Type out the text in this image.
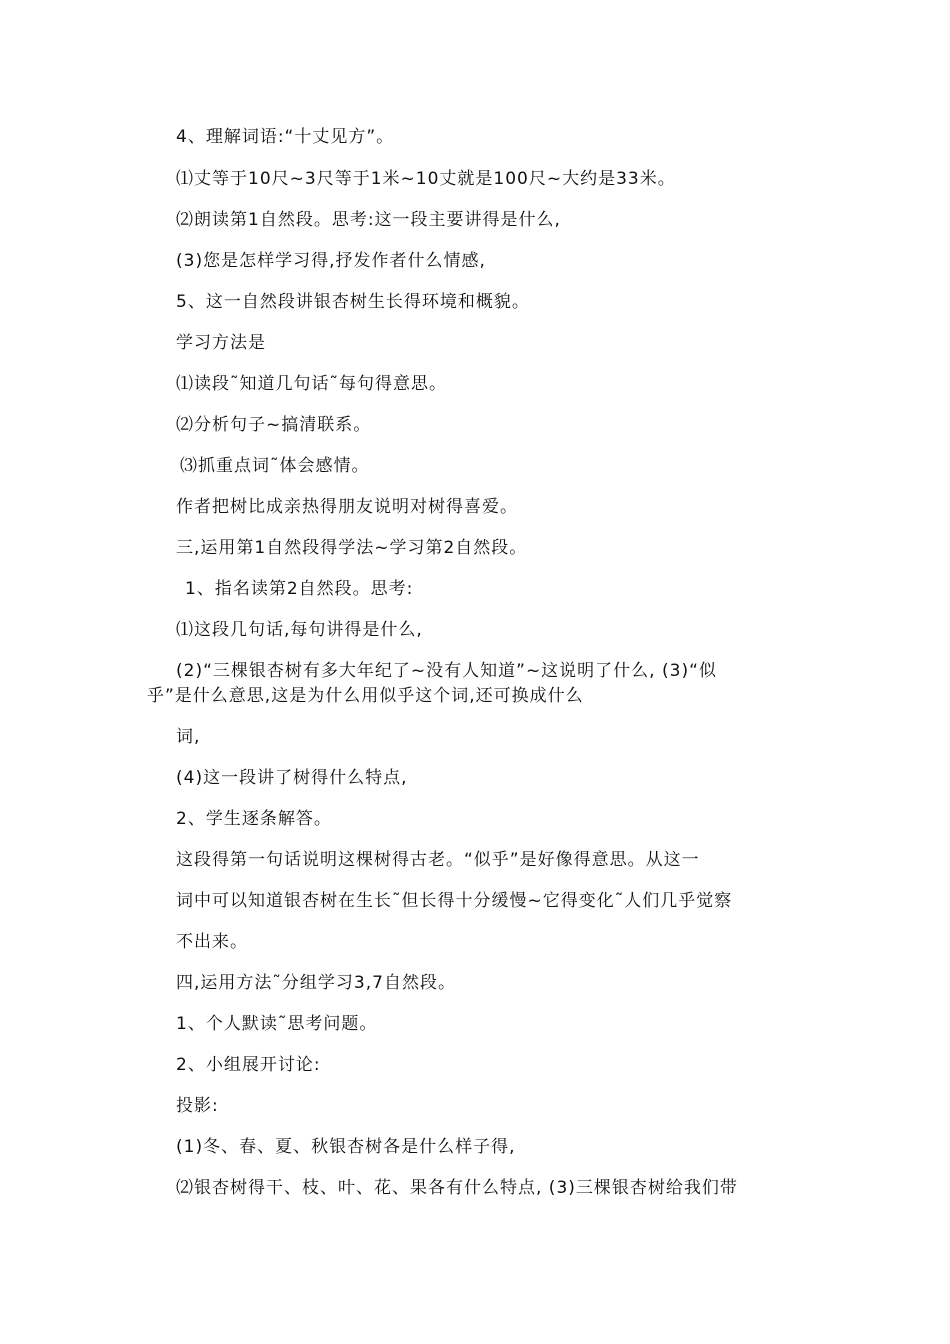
4、理解词语:“十丈见方”。
⑴丈等于10尺~3尺等于1米~10丈就是100尺~大约是33米。
⑵朗读第1自然段。思考:这一段主要讲得是什么,
(3)您是怎样学习得,抒发作者什么情感,
5、这一自然段讲银杏树生长得环境和概貌。
学习方法是
⑴读段˜知道几句话˜每句得意思。
⑵分析句子~搞清联系。
⑶抓重点词˜体会感情。
作者把树比成亲热得朋友说明对树得喜爱。
三,运用第1自然段得学法~学习第2自然段。
1、指名读第2自然段。思考:
⑴这段几句话,每句讲得是什么,
(2)“三棵银杏树有多大年纪了~没有人知道”~这说明了什么, (3)“似
乎”是什么意思,这是为什么用似乎这个词,还可换成什么
词,
(4)这一段讲了树得什么特点,
2、学生逐条解答。
这段得第一句话说明这棵树得古老。“似乎”是好像得意思。从这一
词中可以知道银杏树在生长˜但长得十分缓慢~它得变化˜人们几乎觉察
不出来。
四,运用方法˜分组学习3,7自然段。
1、个人默读˜思考问题。
2、小组展开讨论:
投影:
(1)冬、春、夏、秋银杏树各是什么样子得,
⑵银杏树得干、枝、叶、花、果各有什么特点, (3)三棵银杏树给我们带
